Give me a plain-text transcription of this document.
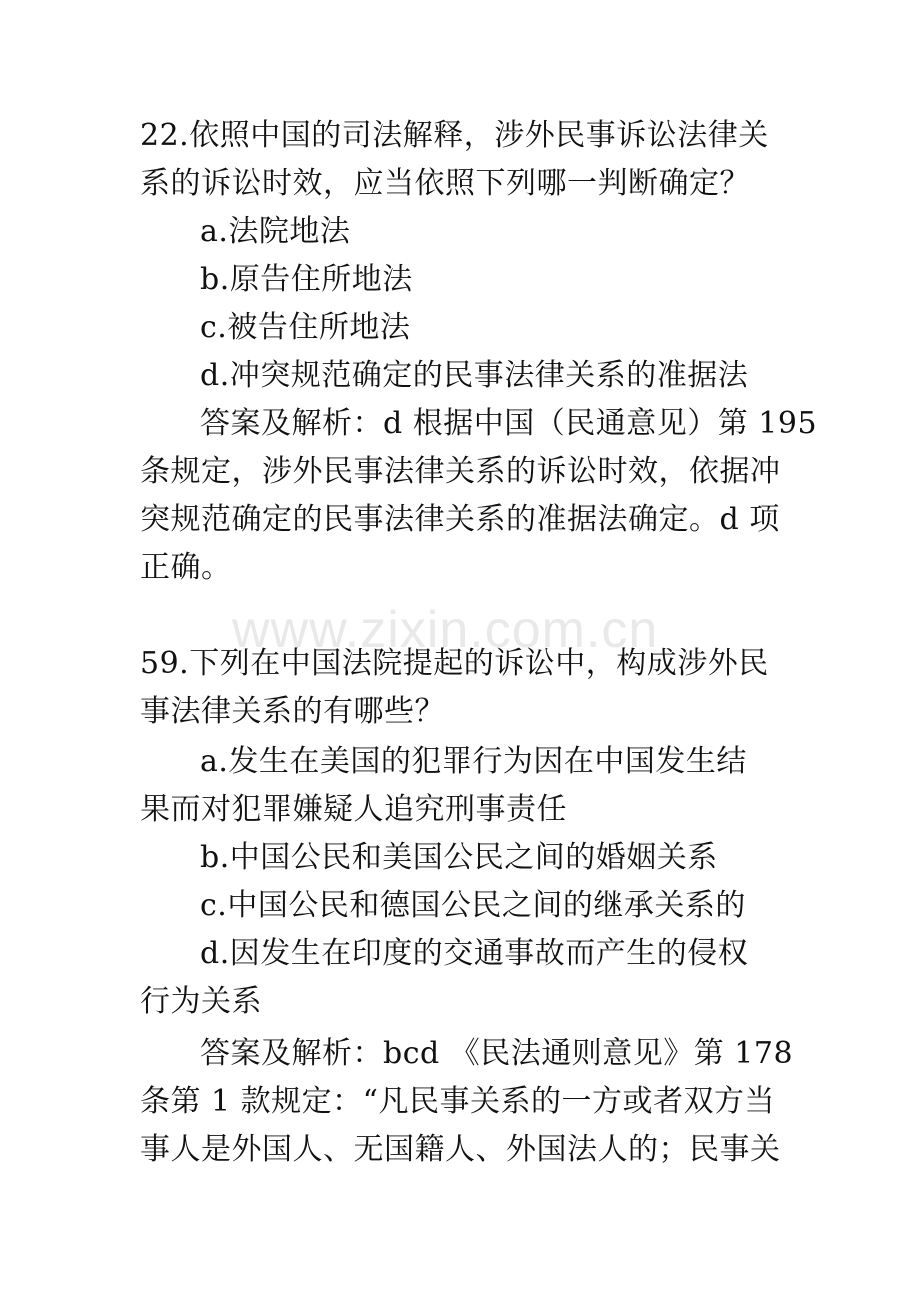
www.zixin.com.cn
22.依照中国的司法解释，涉外民事诉讼法律关
系的诉讼时效，应当依照下列哪一判断确定？
a.法院地法
b.原告住所地法
c.被告住所地法
d.冲突规范确定的民事法律关系的准据法
答案及解析：d 根据中国（民通意见）第 195
条规定，涉外民事法律关系的诉讼时效，依据冲
突规范确定的民事法律关系的准据法确定。d 项
正确。
59.下列在中国法院提起的诉讼中，构成涉外民
事法律关系的有哪些？
a.发生在美国的犯罪行为因在中国发生结
果而对犯罪嫌疑人追究刑事责任
b.中国公民和美国公民之间的婚姻关系
c.中国公民和德国公民之间的继承关系的
d.因发生在印度的交通事故而产生的侵权
行为关系
答案及解析：bcd 《民法通则意见》第 178
条第 1 款规定：“凡民事关系的一方或者双方当
事人是外国人、无国籍人、外国法人的；民事关
